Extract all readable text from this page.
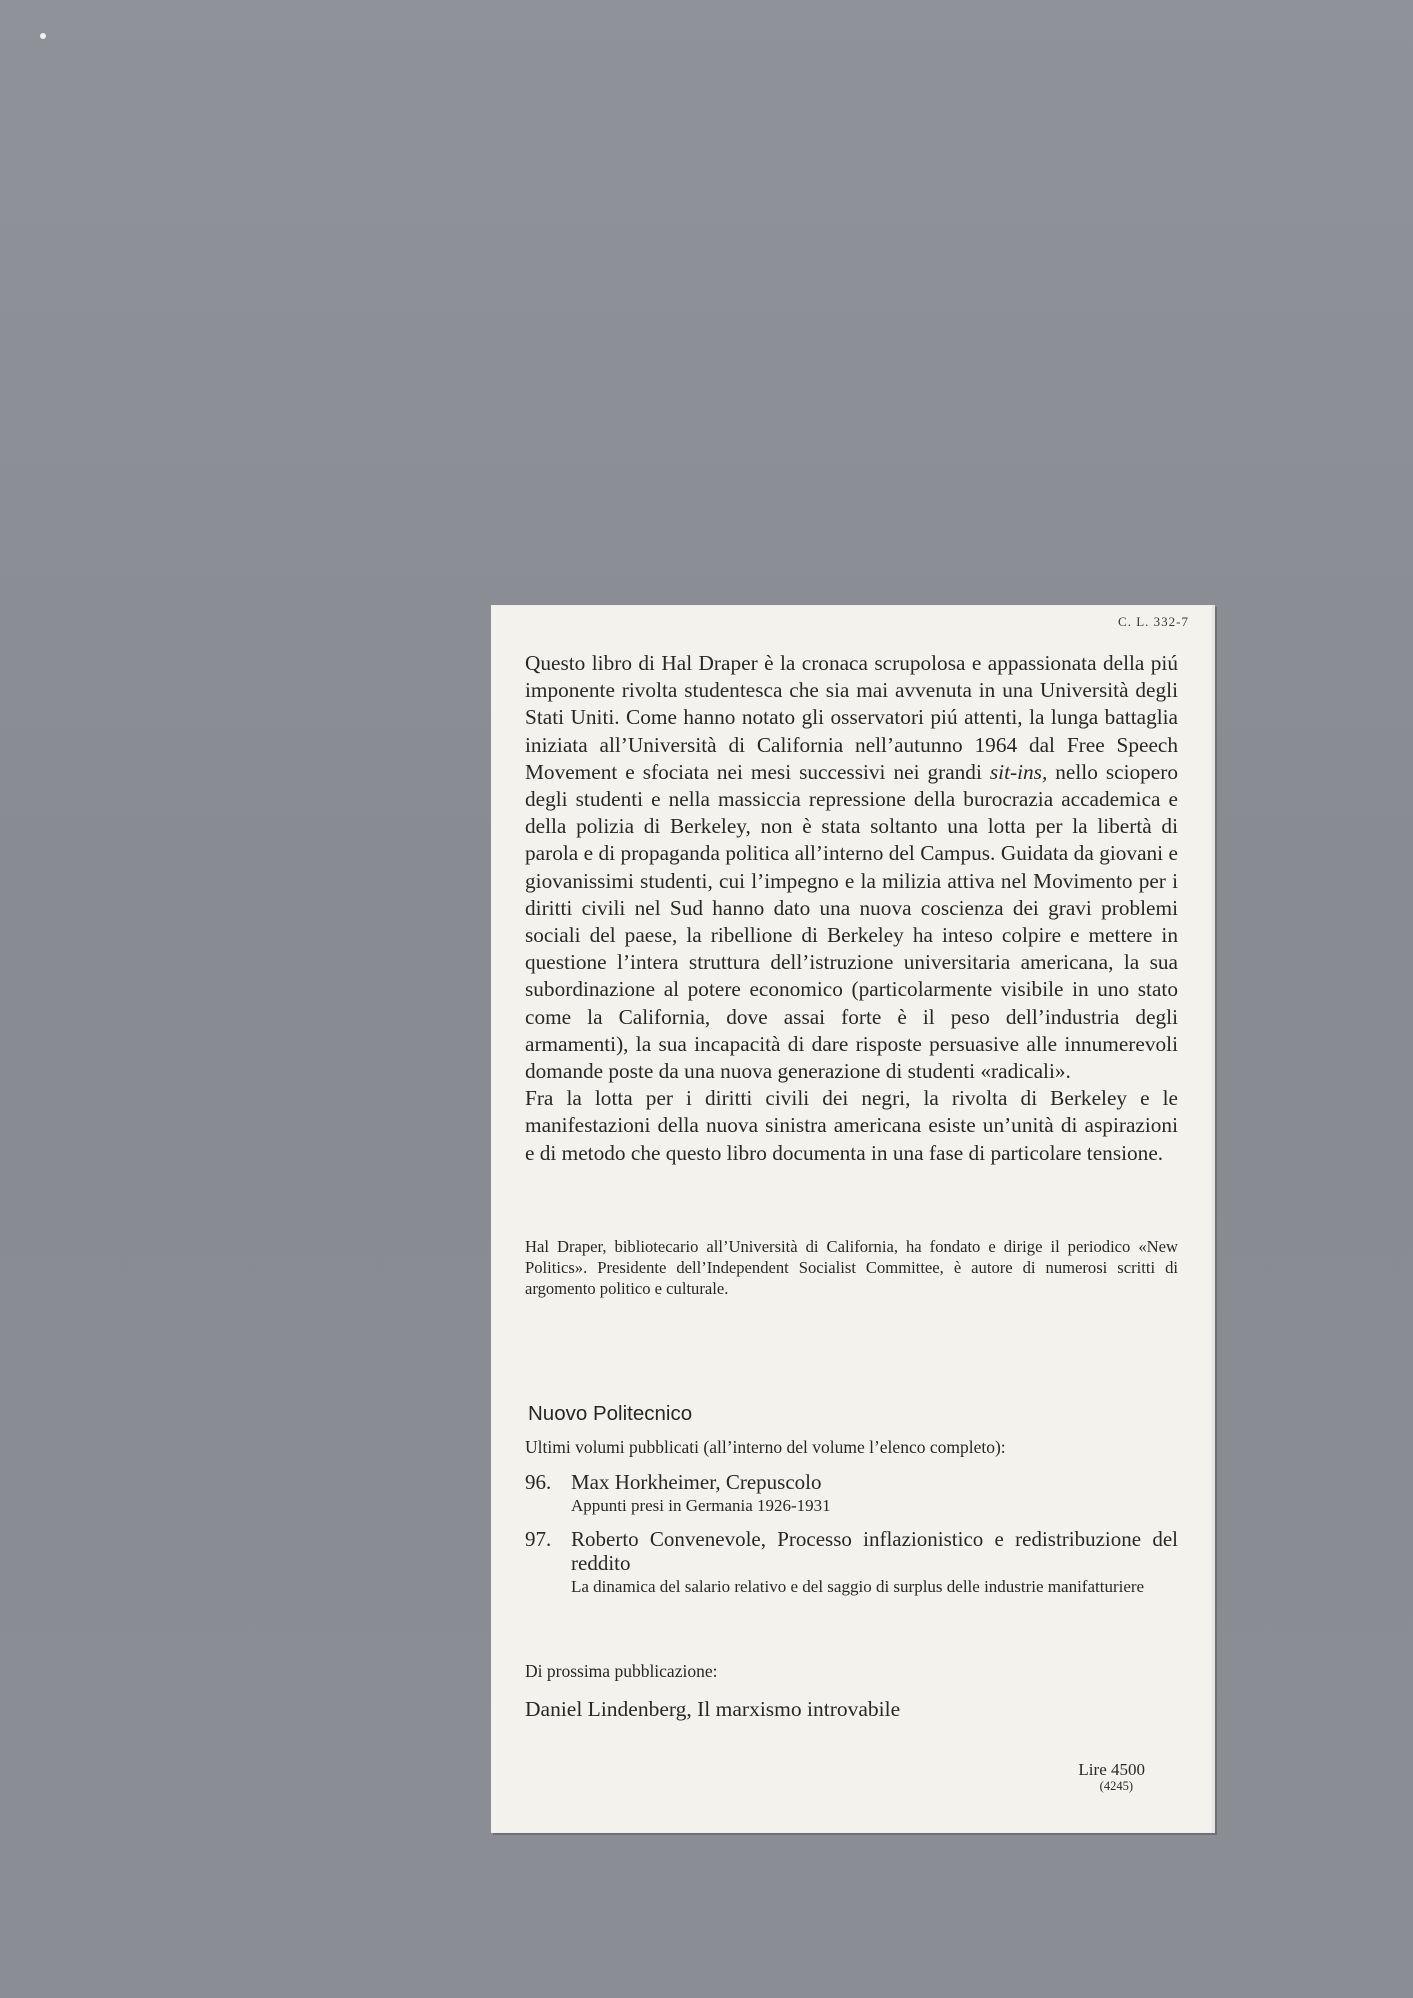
C. L. 332-7

Questo libro di Hal Draper è la cronaca scrupolosa e appassionata della piú imponente rivolta studentesca che sia mai avvenuta in una Università degli Stati Uniti. Come hanno notato gli osservatori piú attenti, la lunga battaglia iniziata all’Università di California nell’autunno 1964 dal Free Speech Movement e sfociata nei mesi successivi nei grandi sit-ins, nello sciopero degli studenti e nella massiccia repressione della burocrazia accademica e della polizia di Berkeley, non è stata soltanto una lotta per la libertà di parola e di propaganda politica all’interno del Campus. Guidata da giovani e giovanissimi studenti, cui l’impegno e la milizia attiva nel Movimento per i diritti civili nel Sud hanno dato una nuova coscienza dei gravi problemi sociali del paese, la ribellione di Berkeley ha inteso colpire e mettere in questione l’intera struttura dell’istruzione universitaria americana, la sua subordinazione al potere economico (particolarmente visibile in uno stato come la California, dove assai forte è il peso dell’industria degli armamenti), la sua incapacità di dare risposte persuasive alle innumerevoli domande poste da una nuova generazione di studenti «radicali».

Fra la lotta per i diritti civili dei negri, la rivolta di Berkeley e le manifestazioni della nuova sinistra americana esiste un’unità di aspirazioni e di metodo che questo libro documenta in una fase di particolare tensione.

Hal Draper, bibliotecario all’Università di California, ha fondato e dirige il periodico «New Politics». Presidente dell’Independent Socialist Committee, è autore di numerosi scritti di argomento politico e culturale.

Nuovo Politecnico
Ultimi volumi pubblicati (all’interno del volume l’elenco completo):
96. Max Horkheimer, Crepuscolo
Appunti presi in Germania 1926-1931
97. Roberto Convenevole, Processo inflazionistico e redistribuzione del reddito
La dinamica del salario relativo e del saggio di surplus delle industrie manifatturiere
Di prossima pubblicazione:
Daniel Lindenberg, Il marxismo introvabile
Lire 4500
(4245)
